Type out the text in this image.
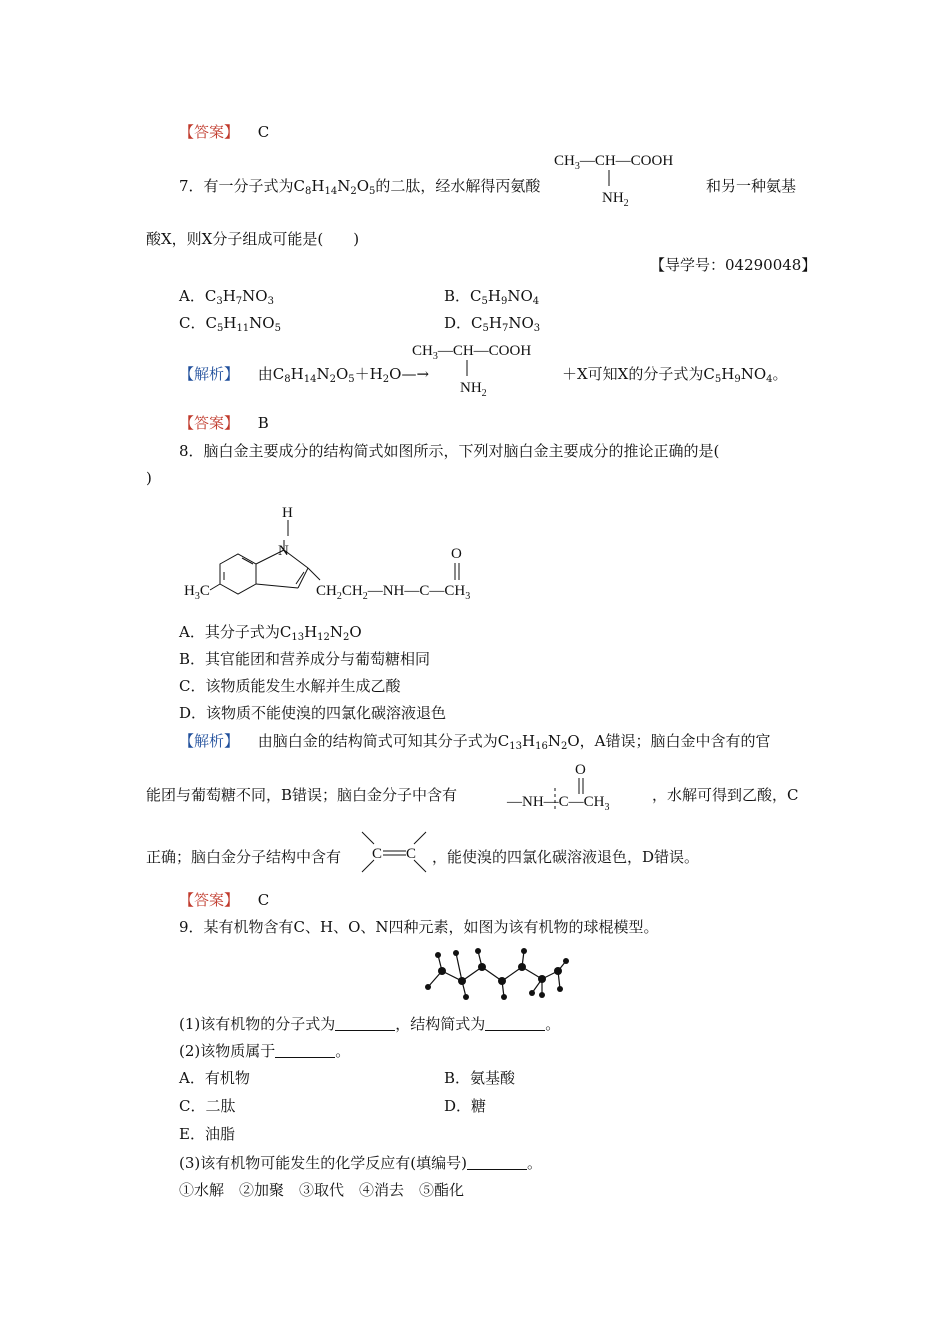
【答案】 C
7．有一分子式为$C_8H_{14}N_2O_5$的二肽，经水解得丙氨酸
$CH_3—CH—COOH$
$NH_2$
和另一种氨基
酸X，则X分子组成可能是(　　)
【导学号：04290048】
A．$C_3H_7NO_3$	B．$C_5H_9NO_4$
C．$C_5H_{11}NO_5$	D．$C_5H_7NO_3$
【解析】 由$C_8H_{14}N_2O_5+H_2O—\to$
$CH_3—CH—COOH$
$NH_2$
＋X可知X的分子式为$C_5H_9NO_4$。
【答案】 B
8．脑白金主要成分的结构简式如图所示，下列对脑白金主要成分的推论正确的是(
)
N
H
$H_3C$	$CH_2CH_2—NH—C—CH_3$
O
A．其分子式为$C_{13}H_{12}N_2O$
B．其官能团和营养成分与葡萄糖相同
C．该物质能发生水解并生成乙酸
D．该物质不能使溴的四氯化碳溶液退色
【解析】 由脑白金的结构简式可知其分子式为$C_{13}H_{16}N_2O$，A错误；脑白金中含有的官
能团与葡萄糖不同，B错误；脑白金分子中含有
O
$—NH—C—CH_3$
，水解可得到乙酸，C
正确；脑白金分子结构中含有 C C ，能使溴的四氯化碳溶液退色，D错误。
【答案】 C
9．某有机物含有C、H、O、N四种元素，如图为该有机物的球棍模型。
(1)该有机物的分子式为	，结构简式为	。
(2)该物质属于	。
A．有机物	B．氨基酸
C．二肽	D．糖
E．油脂
(3)该有机物可能发生的化学反应有(填编号)	。
①水解　②加聚　③取代　④消去　⑤酯化
